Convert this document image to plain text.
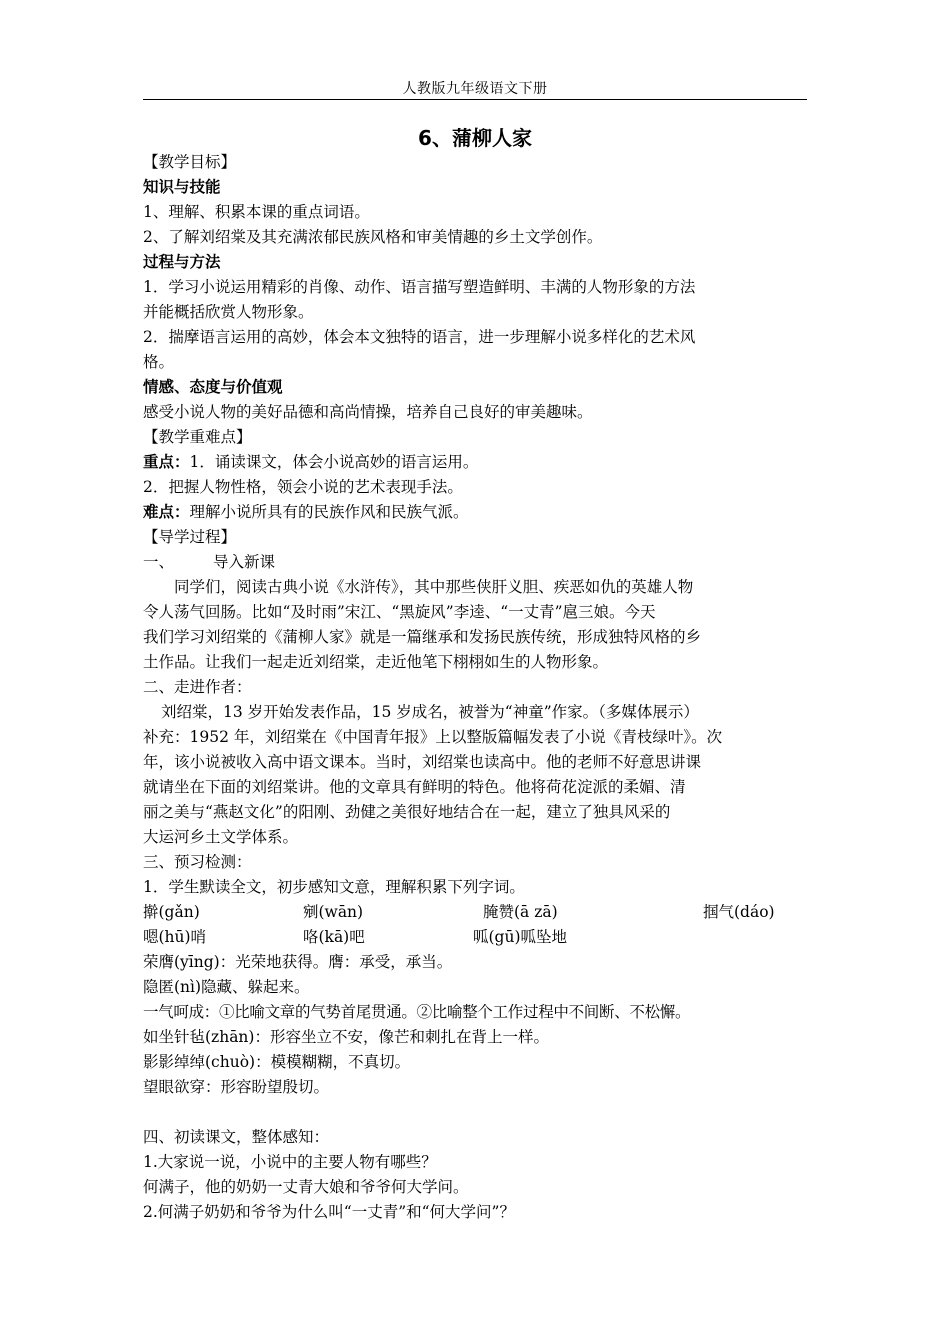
人教版九年级语文下册
6、蒲柳人家
【教学目标】
知识与技能
1、理解、积累本课的重点词语。
2、了解刘绍棠及其充满浓郁民族风格和审美情趣的乡土文学创作。
过程与方法
1．学习小说运用精彩的肖像、动作、语言描写塑造鲜明、丰满的人物形象的方法
并能概括欣赏人物形象。
2．揣摩语言运用的高妙，体会本文独特的语言，进一步理解小说多样化的艺术风
格。
情感、态度与价值观
感受小说人物的美好品德和高尚情操，培养自己良好的审美趣味。
【教学重难点】
重点：1．诵读课文，体会小说高妙的语言运用。
2．把握人物性格，领会小说的艺术表现手法。
难点：理解小说所具有的民族作风和民族气派。
【导学过程】
一、	导入新课
同学们，阅读古典小说《水浒传》，其中那些侠肝义胆、疾恶如仇的英雄人物
令人荡气回肠。比如“及时雨”宋江、“黑旋风”李逵、“一丈青”扈三娘。今天
我们学习刘绍棠的《蒲柳人家》就是一篇继承和发扬民族传统，形成独特风格的乡
土作品。让我们一起走近刘绍棠，走近他笔下栩栩如生的人物形象。
二、走进作者：
刘绍棠，13 岁开始发表作品，15 岁成名，被誉为“神童”作家。（多媒体展示）
补充：1952 年，刘绍棠在《中国青年报》上以整版篇幅发表了小说《青枝绿叶》。次
年，该小说被收入高中语文课本。当时，刘绍棠也读高中。他的老师不好意思讲课
就请坐在下面的刘绍棠讲。他的文章具有鲜明的特色。他将荷花淀派的柔媚、清
丽之美与“燕赵文化”的阳刚、劲健之美很好地结合在一起，建立了独具风采的
大运河乡土文学体系。
三、预习检测：
1．学生默读全文，初步感知文意，理解积累下列字词。
擀(gǎn)	剜(wān)	腌赞(ā zā)	掴气(dáo)
嗯(hū)哨	咯(kā)吧	呱(gū)呱坠地
荣膺(yīng)：光荣地获得。膺：承受，承当。
隐匿(nì)隐藏、躲起来。
一气呵成：①比喻文章的气势首尾贯通。②比喻整个工作过程中不间断、不松懈。
如坐针毡(zhān)：形容坐立不安，像芒和刺扎在背上一样。
影影绰绰(chuò)：模模糊糊，不真切。
望眼欲穿：形容盼望殷切。
四、初读课文，整体感知：
1.大家说一说，小说中的主要人物有哪些？
何满子，他的奶奶一丈青大娘和爷爷何大学问。
2.何满子奶奶和爷爷为什么叫“一丈青”和“何大学问”？
